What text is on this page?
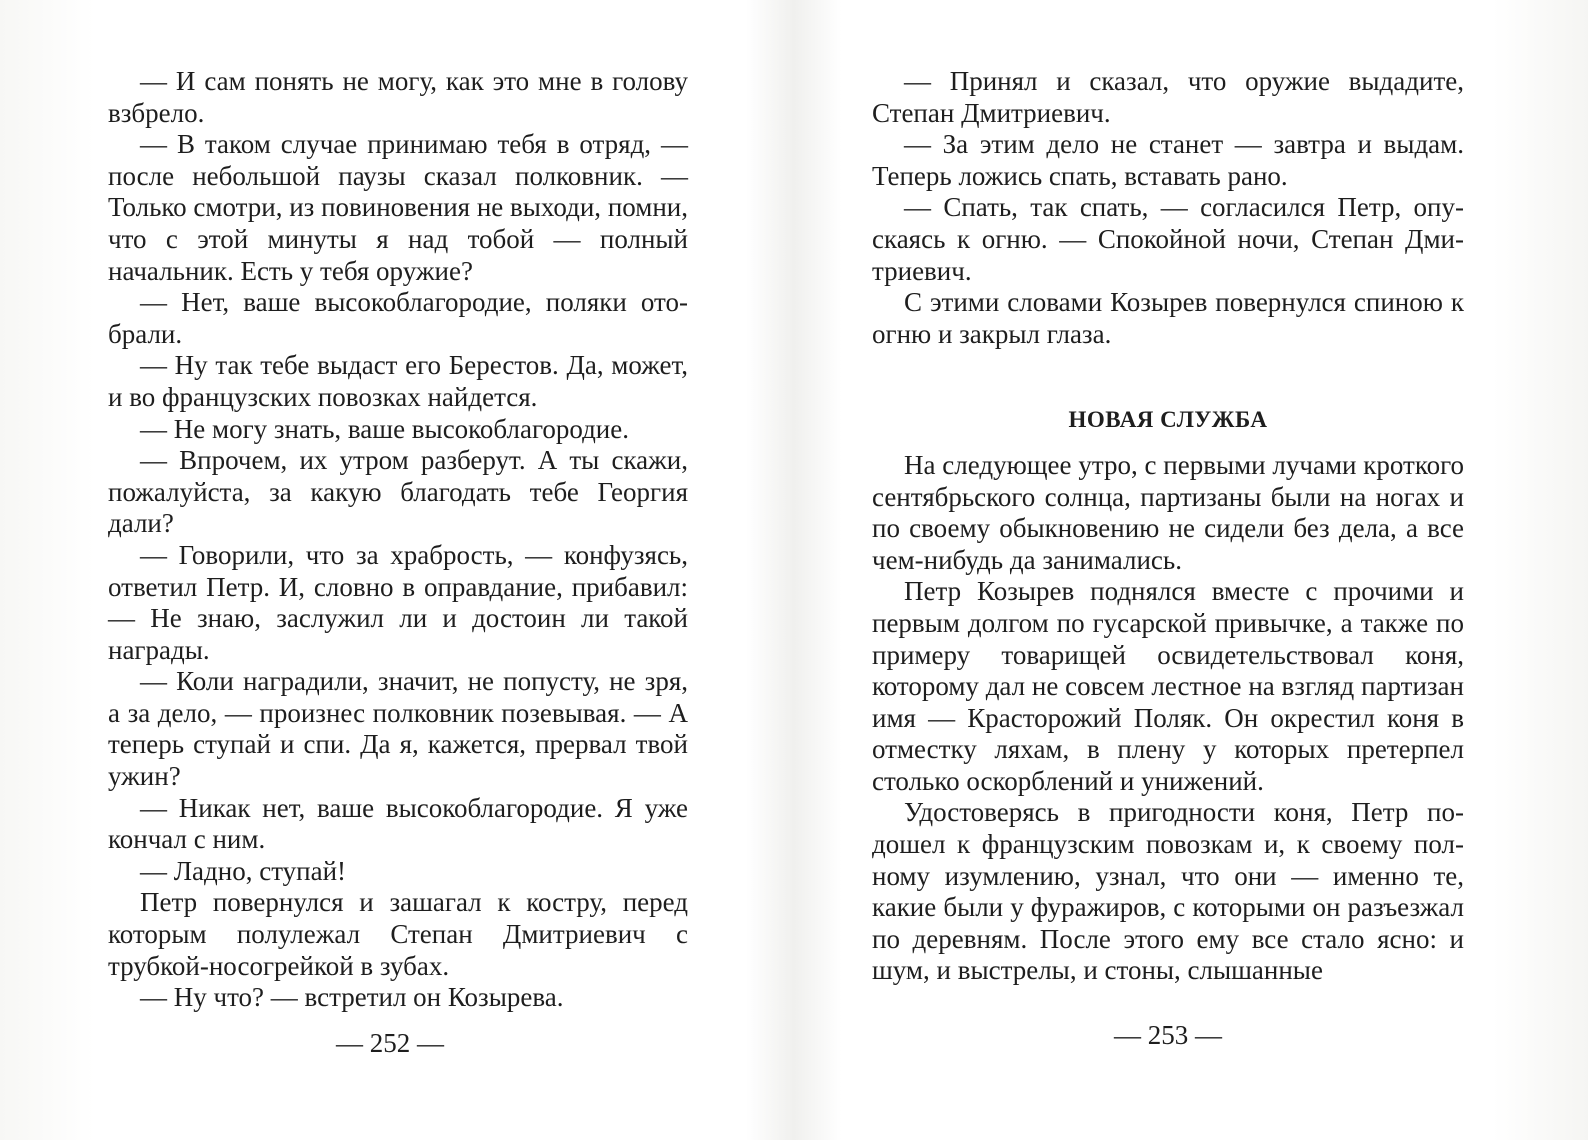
— И сам понять не могу, как это мне в голову взбрело.

— В таком случае принимаю тебя в отряд, — после небольшой паузы сказал полковник. — Только смотри, из повиновения не выходи, помни, что с этой минуты я над тобой — полный начальник. Есть у тебя оружие?

— Нет, ваше высокоблагородие, поляки отобрали.

— Ну так тебе выдаст его Берестов. Да, может, и во французских повозках найдется.

— Не могу знать, ваше высокоблагородие.

— Впрочем, их утром разберут. А ты скажи, пожалуйста, за какую благодать тебе Георгия дали?

— Говорили, что за храбрость, — конфузясь, ответил Петр. И, словно в оправдание, прибавил: — Не знаю, заслужил ли и достоин ли такой награды.

— Коли наградили, значит, не попусту, не зря, а за дело, — произнес полковник позевывая. — А теперь ступай и спи. Да я, кажется, прервал твой ужин?

— Никак нет, ваше высокоблагородие. Я уже кончал с ним.

— Ладно, ступай!

Петр повернулся и зашагал к костру, перед которым полулежал Степан Дмитриевич с трубкой-носогрейкой в зубах.

— Ну что? — встретил он Козырева.

— 252 —

— Принял и сказал, что оружие выдадите, Степан Дмитриевич.

— За этим дело не станет — завтра и выдам. Теперь ложись спать, вставать рано.

— Спать, так спать, — согласился Петр, опускаясь к огню. — Спокойной ночи, Степан Дмитриевич.

С этими словами Козырев повернулся спиною к огню и закрыл глаза.

НОВАЯ СЛУЖБА

На следующее утро, с первыми лучами кроткого сентябрьского солнца, партизаны были на ногах и по своему обыкновению не сидели без дела, а все чем-нибудь да занимались.

Петр Козырев поднялся вместе с прочими и первым долгом по гусарской привычке, а также по примеру товарищей освидетельствовал коня, которому дал не совсем лестное на взгляд партизан имя — Красторожий Поляк. Он окрестил коня в отместку ляхам, в плену у которых претерпел столько оскорблений и унижений.

Удостоверясь в пригодности коня, Петр подошел к французским повозкам и, к своему полному изумлению, узнал, что они — именно те, какие были у фуражиров, с которыми он разъезжал по деревням. После этого ему все стало ясно: и шум, и выстрелы, и стоны, слышанные

— 253 —
